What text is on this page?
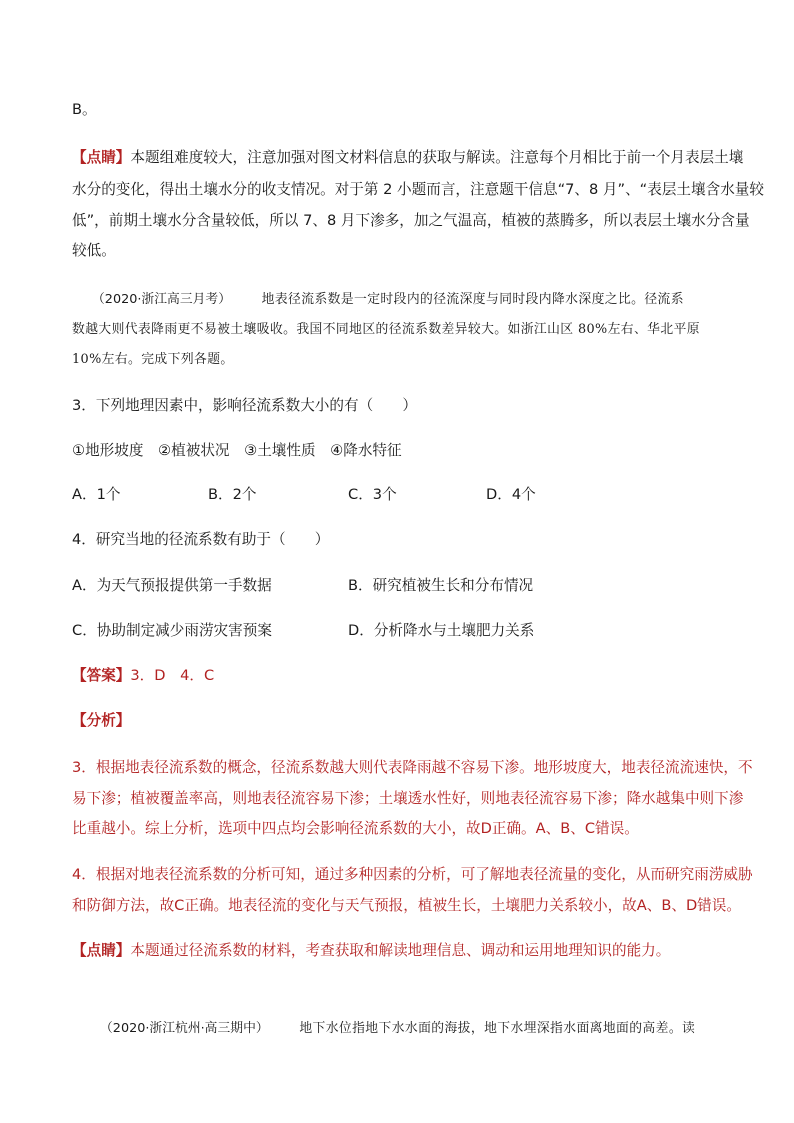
B。
【点睛】本题组难度较大，注意加强对图文材料信息的获取与解读。注意每个月相比于前一个月表层土壤
水分的变化，得出土壤水分的收支情况。对于第 2 小题而言，注意题干信息“7、8 月”、“表层土壤含水量较
低”，前期土壤水分含量较低，所以 7、8 月下渗多，加之气温高，植被的蒸腾多，所以表层土壤水分含量
较低。
（2020·浙江高三月考） 地表径流系数是一定时段内的径流深度与同时段内降水深度之比。径流系
数越大则代表降雨更不易被土壤吸收。我国不同地区的径流系数差异较大。如浙江山区 80%左右、华北平原
10%左右。完成下列各题。
3．下列地理因素中，影响径流系数大小的有（　　）
①地形坡度　②植被状况　③土壤性质　④降水特征
A．1个	B．2个	C．3个	D．4个
4．研究当地的径流系数有助于（　　）
A．为天气预报提供第一手数据	B．研究植被生长和分布情况
C．协助制定减少雨涝灾害预案	D．分析降水与土壤肥力关系
【答案】3．D　4．C
【分析】
3．根据地表径流系数的概念，径流系数越大则代表降雨越不容易下渗。地形坡度大，地表径流流速快，不
易下渗；植被覆盖率高，则地表径流容易下渗；土壤透水性好，则地表径流容易下渗；降水越集中则下渗
比重越小。综上分析，选项中四点均会影响径流系数的大小，故D正确。A、B、C错误。
4．根据对地表径流系数的分析可知，通过多种因素的分析，可了解地表径流量的变化，从而研究雨涝威胁
和防御方法，故C正确。地表径流的变化与天气预报，植被生长，土壤肥力关系较小，故A、B、D错误。
【点睛】本题通过径流系数的材料，考查获取和解读地理信息、调动和运用地理知识的能力。
（2020·浙江杭州·高三期中） 地下水位指地下水水面的海拔，地下水埋深指水面离地面的高差。读
